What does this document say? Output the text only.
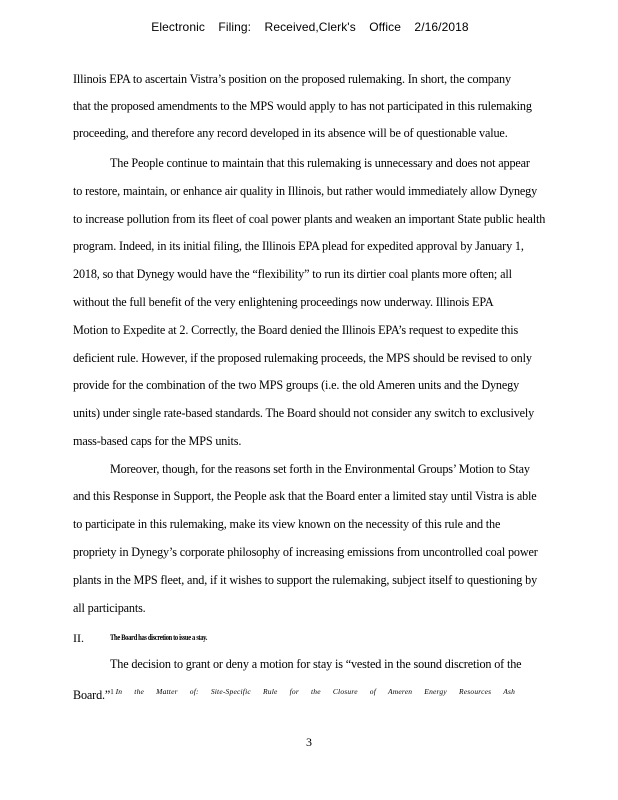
Electronic Filing: Received,Clerk's Office 2/16/2018
Illinois EPA to ascertain Vistra’s position on the proposed rulemaking. In short, the company
that the proposed amendments to the MPS would apply to has not participated in this rulemaking
proceeding, and therefore any record developed in its absence will be of questionable value.
The People continue to maintain that this rulemaking is unnecessary and does not appear
to restore, maintain, or enhance air quality in Illinois, but rather would immediately allow Dynegy
to increase pollution from its fleet of coal power plants and weaken an important State public health
program. Indeed, in its initial filing, the Illinois EPA plead for expedited approval by January 1,
2018, so that Dynegy would have the “flexibility” to run its dirtier coal plants more often; all
without the full benefit of the very enlightening proceedings now underway. Illinois EPA
Motion to Expedite at 2. Correctly, the Board denied the Illinois EPA’s request to expedite this
deficient rule. However, if the proposed rulemaking proceeds, the MPS should be revised to only
provide for the combination of the two MPS groups (i.e. the old Ameren units and the Dynegy
units) under single rate-based standards. The Board should not consider any switch to exclusively
mass-based caps for the MPS units.
Moreover, though, for the reasons set forth in the Environmental Groups’ Motion to Stay
and this Response in Support, the People ask that the Board enter a limited stay until Vistra is able
to participate in this rulemaking, make its view known on the necessity of this rule and the
propriety in Dynegy’s corporate philosophy of increasing emissions from uncontrolled coal power
plants in the MPS fleet, and, if it wishes to support the rulemaking, subject itself to questioning by
all participants.
II.	The Board has discretion to issue a stay.
The decision to grant or deny a motion for stay is “vested in the sound discretion of the
Board.”$^1$ $^{In the Matter of: Site-Specific Rule for the Closure of Ameren Energy Resources Ash}$
3
